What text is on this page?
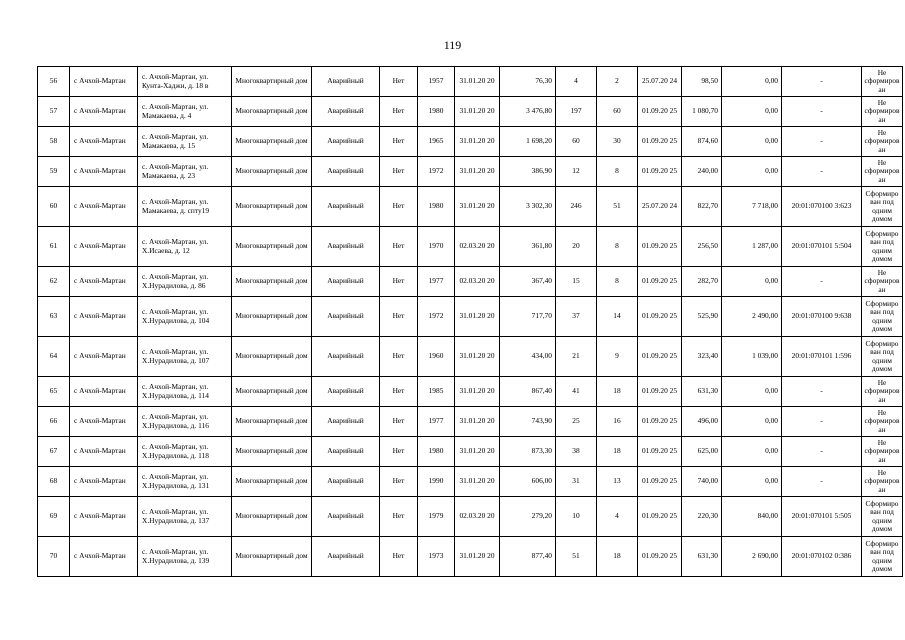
119
56	с Ачхой-Мартан	с. Ачхой-Мартан, ул. Кунта-Хаджи, д. 18 в	Многоквартирный дом	Аварийный	Нет	1957	31.01.20 20	76,30	4	2	25.07.20 24	98,50	0,00	-	Не сформиров ан
57	с Ачхой-Мартан	с. Ачхой-Мартан, ул. Мамакаева, д. 4	Многоквартирный дом	Аварийный	Нет	1980	31.01.20 20	3 476,80	197	60	01.09.20 25	1 080,70	0,00	-	Не сформиров ан
58	с Ачхой-Мартан	с. Ачхой-Мартан, ул. Мамакаева, д. 15	Многоквартирный дом	Аварийный	Нет	1965	31.01.20 20	1 698,20	60	30	01.09.20 25	874,60	0,00	-	Не сформиров ан
59	с Ачхой-Мартан	с. Ачхой-Мартан, ул. Мамакаева, д. 23	Многоквартирный дом	Аварийный	Нет	1972	31.01.20 20	386,90	12	8	01.09.20 25	240,00	0,00	-	Не сформиров ан
60	с Ачхой-Мартан	с. Ачхой-Мартан, ул. Мамакаева, д. спту19	Многоквартирный дом	Аварийный	Нет	1980	31.01.20 20	3 302,30	246	51	25.07.20 24	822,70	7 718,00	20:01:070100 3:623	Сформиро ван под одним домом
61	с Ачхой-Мартан	с. Ачхой-Мартан, ул. Х.Исаева, д. 12	Многоквартирный дом	Аварийный	Нет	1970	02.03.20 20	361,80	20	8	01.09.20 25	256,50	1 287,00	20:01:070101 5:504	Сформиро ван под одним домом
62	с Ачхой-Мартан	с. Ачхой-Мартан, ул. Х.Нурадилова, д. 86	Многоквартирный дом	Аварийный	Нет	1977	02.03.20 20	367,40	15	8	01.09.20 25	282,70	0,00	-	Не сформиров ан
63	с Ачхой-Мартан	с. Ачхой-Мартан, ул. Х.Нурадилова, д. 104	Многоквартирный дом	Аварийный	Нет	1972	31.01.20 20	717,70	37	14	01.09.20 25	525,90	2 490,00	20:01:070100 9:638	Сформиро ван под одним домом
64	с Ачхой-Мартан	с. Ачхой-Мартан, ул. Х.Нурадилова, д. 107	Многоквартирный дом	Аварийный	Нет	1960	31.01.20 20	434,00	21	9	01.09.20 25	323,40	1 039,00	20:01:070101 1:596	Сформиро ван под одним домом
65	с Ачхой-Мартан	с. Ачхой-Мартан, ул. Х.Нурадилова, д. 114	Многоквартирный дом	Аварийный	Нет	1985	31.01.20 20	867,40	41	18	01.09.20 25	631,30	0,00	-	Не сформиров ан
66	с Ачхой-Мартан	с. Ачхой-Мартан, ул. Х.Нурадилова, д. 116	Многоквартирный дом	Аварийный	Нет	1977	31.01.20 20	743,90	25	16	01.09.20 25	496,00	0,00	-	Не сформиров ан
67	с Ачхой-Мартан	с. Ачхой-Мартан, ул. Х.Нурадилова, д. 118	Многоквартирный дом	Аварийный	Нет	1980	31.01.20 20	873,30	38	18	01.09.20 25	625,00	0,00	-	Не сформиров ан
68	с Ачхой-Мартан	с. Ачхой-Мартан, ул. Х.Нурадилова, д. 131	Многоквартирный дом	Аварийный	Нет	1990	31.01.20 20	606,00	31	13	01.09.20 25	740,00	0,00	-	Не сформиров ан
69	с Ачхой-Мартан	с. Ачхой-Мартан, ул. Х.Нурадилова, д. 137	Многоквартирный дом	Аварийный	Нет	1979	02.03.20 20	279,20	10	4	01.09.20 25	220,30	840,00	20:01:070101 5:505	Сформиро ван под одним домом
70	с Ачхой-Мартан	с. Ачхой-Мартан, ул. Х.Нурадилова, д. 139	Многоквартирный дом	Аварийный	Нет	1973	31.01.20 20	877,40	51	18	01.09.20 25	631,30	2 690,00	20:01:070102 0:386	Сформиро ван под одним домом
